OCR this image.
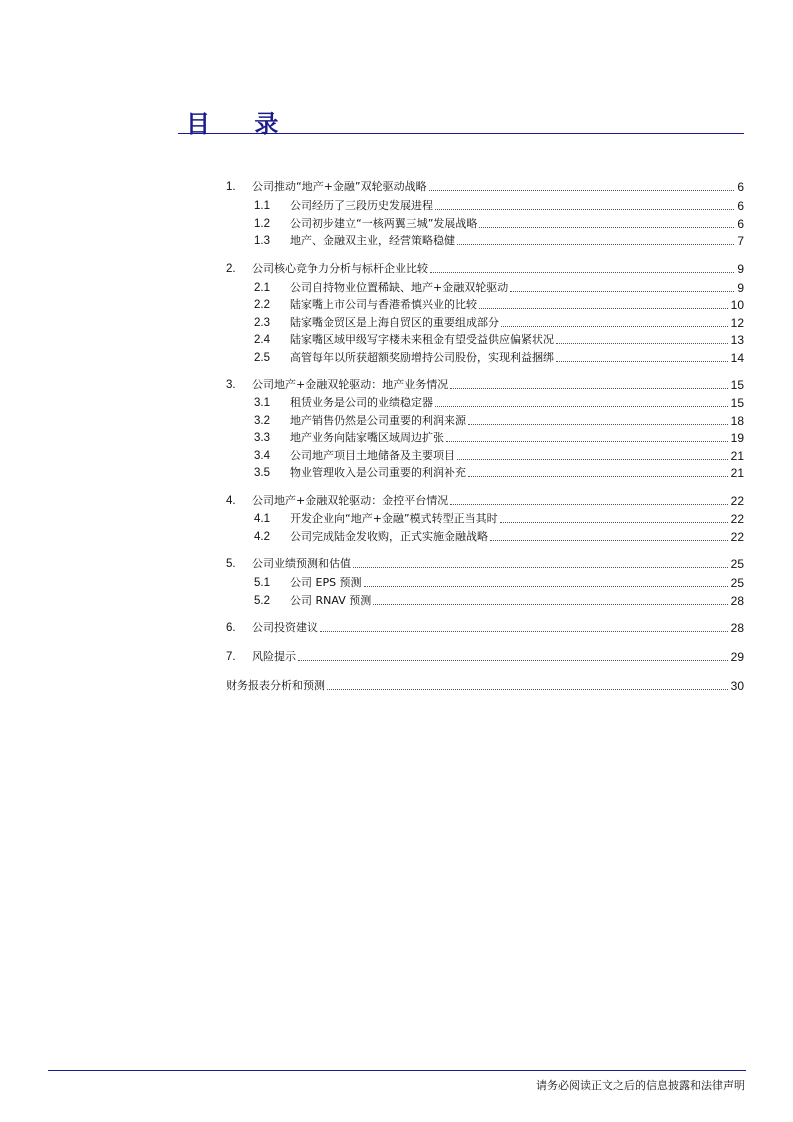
目 录
1.	公司推动“地产+金融”双轮驱动战略	6
1.1	公司经历了三段历史发展进程	6
1.2	公司初步建立“一核两翼三城”发展战略	6
1.3	地产、金融双主业，经营策略稳健	7
2.	公司核心竞争力分析与标杆企业比较	9
2.1	公司自持物业位置稀缺、地产+金融双轮驱动	9
2.2	陆家嘴上市公司与香港希慎兴业的比较	10
2.3	陆家嘴金贸区是上海自贸区的重要组成部分	12
2.4	陆家嘴区域甲级写字楼未来租金有望受益供应偏紧状况	13
2.5	高管每年以所获超额奖励增持公司股份，实现利益捆绑	14
3.	公司地产+金融双轮驱动：地产业务情况	15
3.1	租赁业务是公司的业绩稳定器	15
3.2	地产销售仍然是公司重要的利润来源	18
3.3	地产业务向陆家嘴区域周边扩张	19
3.4	公司地产项目土地储备及主要项目	21
3.5	物业管理收入是公司重要的利润补充	21
4.	公司地产+金融双轮驱动：金控平台情况	22
4.1	开发企业向“地产+金融”模式转型正当其时	22
4.2	公司完成陆金发收购，正式实施金融战略	22
5.	公司业绩预测和估值	25
5.1	公司 EPS 预测	25
5.2	公司 RNAV 预测	28
6.	公司投资建议	28
7.	风险提示	29
财务报表分析和预测	30
请务必阅读正文之后的信息披露和法律声明
